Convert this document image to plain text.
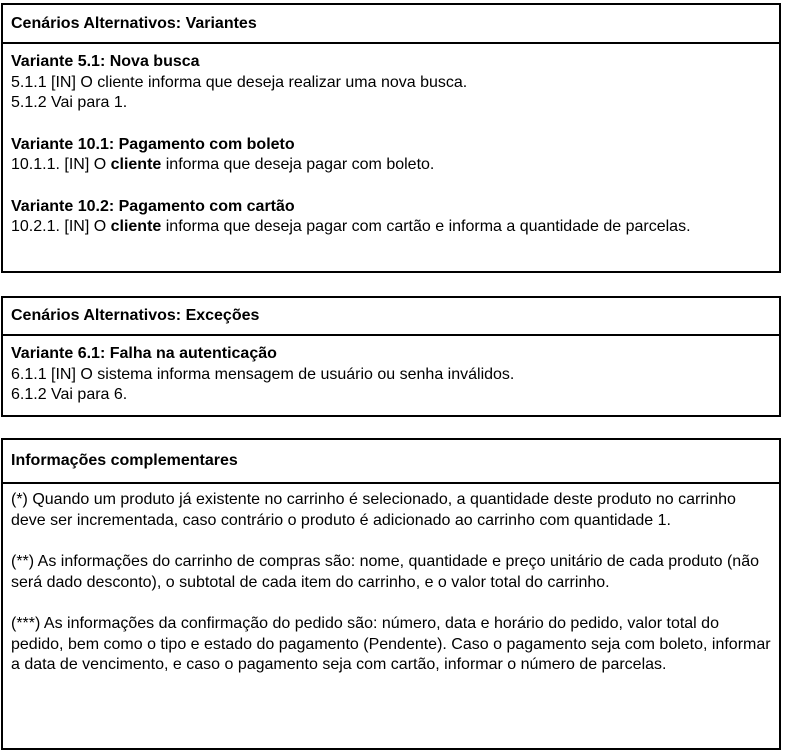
Cenários Alternativos: Variantes
Variante 5.1: Nova busca
5.1.1 [IN] O cliente informa que deseja realizar uma nova busca.
5.1.2 Vai para 1.
Variante 10.1: Pagamento com boleto
10.1.1. [IN] O cliente informa que deseja pagar com boleto.
Variante 10.2: Pagamento com cartão
10.2.1. [IN] O cliente informa que deseja pagar com cartão e informa a quantidade de parcelas.
Cenários Alternativos: Exceções
Variante 6.1: Falha na autenticação
6.1.1 [IN] O sistema informa mensagem de usuário ou senha inválidos.
6.1.2 Vai para 6.
Informações complementares
(*) Quando um produto já existente no carrinho é selecionado, a quantidade deste produto no carrinho deve ser incrementada, caso contrário o produto é adicionado ao carrinho com quantidade 1.
(**) As informações do carrinho de compras são: nome, quantidade e preço unitário de cada produto (não será dado desconto), o subtotal de cada item do carrinho, e o valor total do carrinho.
(***) As informações da confirmação do pedido são: número, data e horário do pedido, valor total do pedido, bem como o tipo e estado do pagamento (Pendente). Caso o pagamento seja com boleto, informar a data de vencimento, e caso o pagamento seja com cartão, informar o número de parcelas.
